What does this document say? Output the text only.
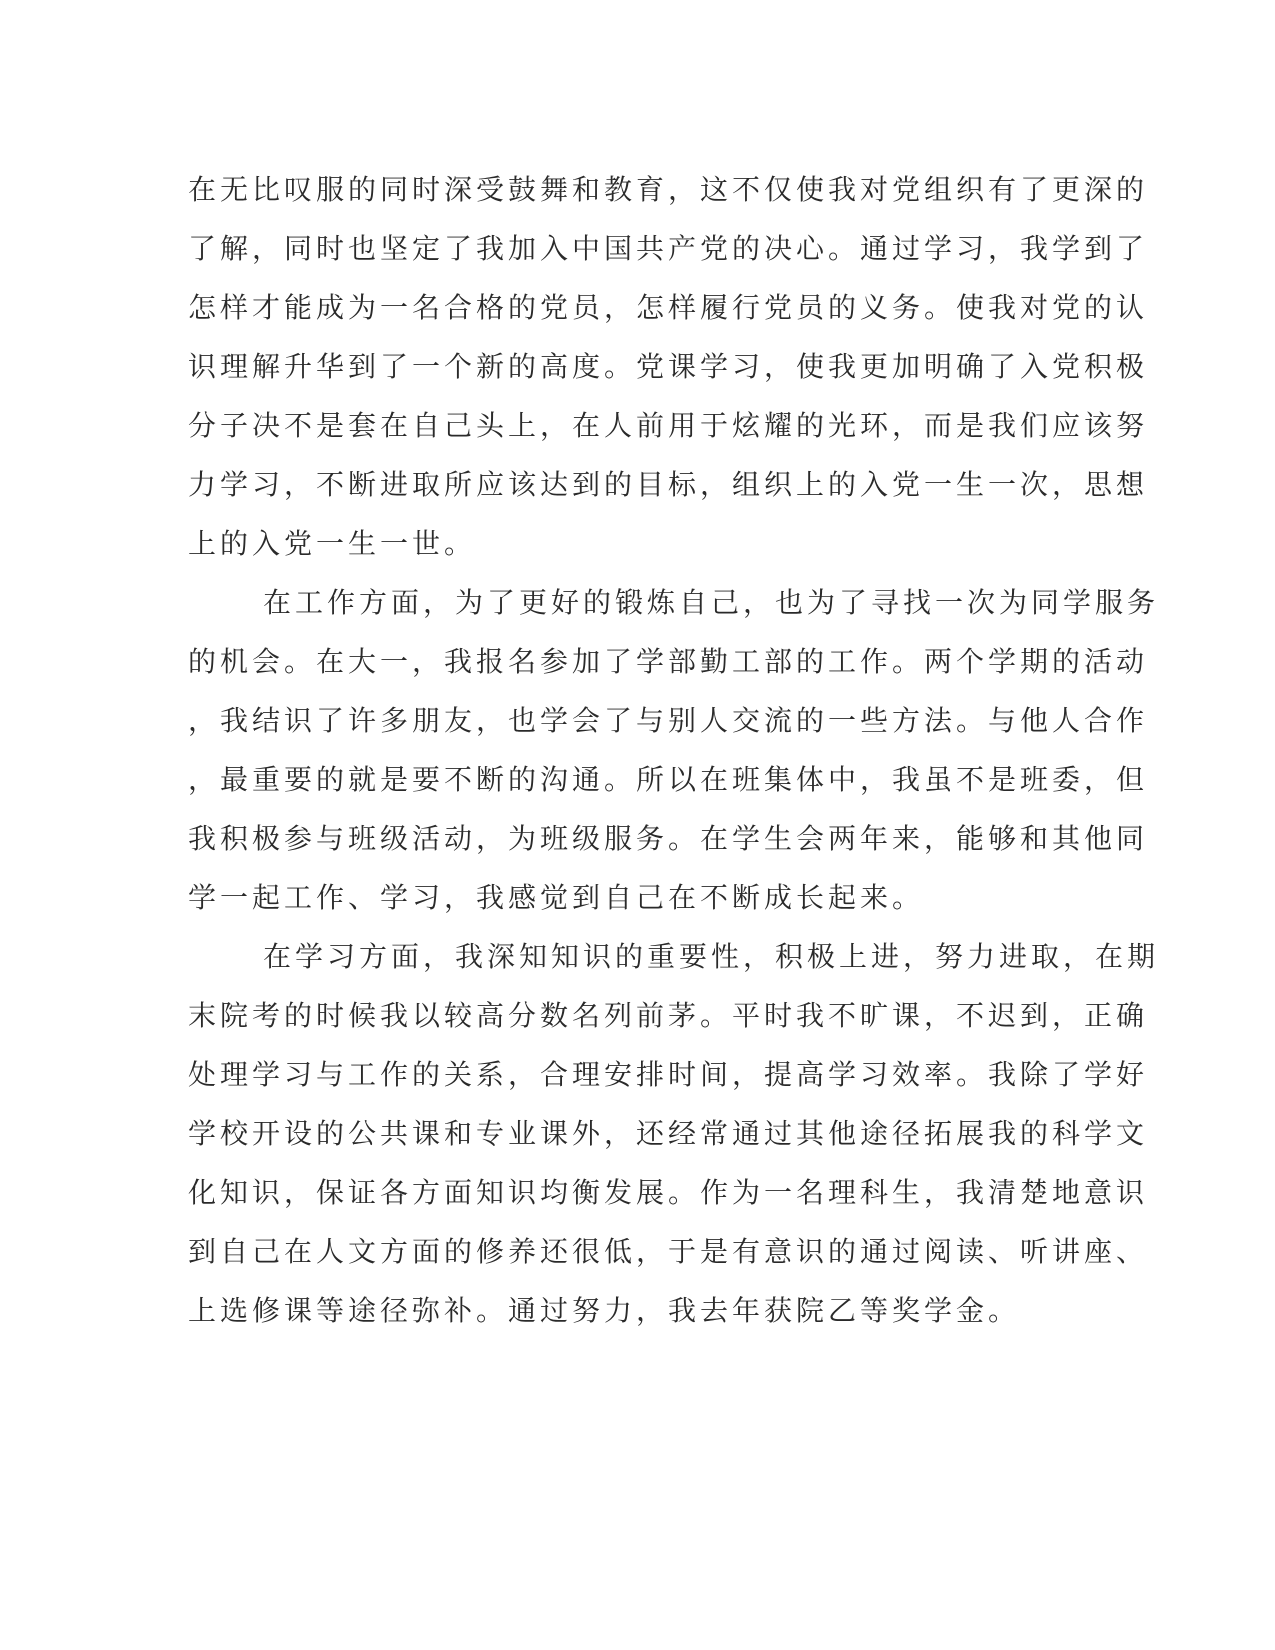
在无比叹服的同时深受鼓舞和教育，这不仅使我对党组织有了更深的
了解，同时也坚定了我加入中国共产党的决心。通过学习，我学到了
怎样才能成为一名合格的党员，怎样履行党员的义务。使我对党的认
识理解升华到了一个新的高度。党课学习，使我更加明确了入党积极
分子决不是套在自己头上，在人前用于炫耀的光环，而是我们应该努
力学习，不断进取所应该达到的目标，组织上的入党一生一次，思想
上的入党一生一世。
在工作方面，为了更好的锻炼自己，也为了寻找一次为同学服务
的机会。在大一，我报名参加了学部勤工部的工作。两个学期的活动
，我结识了许多朋友，也学会了与别人交流的一些方法。与他人合作
，最重要的就是要不断的沟通。所以在班集体中，我虽不是班委，但
我积极参与班级活动，为班级服务。在学生会两年来，能够和其他同
学一起工作、学习，我感觉到自己在不断成长起来。
在学习方面，我深知知识的重要性，积极上进，努力进取，在期
末院考的时候我以较高分数名列前茅。平时我不旷课，不迟到，正确
处理学习与工作的关系，合理安排时间，提高学习效率。我除了学好
学校开设的公共课和专业课外，还经常通过其他途径拓展我的科学文
化知识，保证各方面知识均衡发展。作为一名理科生，我清楚地意识
到自己在人文方面的修养还很低，于是有意识的通过阅读、听讲座、
上选修课等途径弥补。通过努力，我去年获院乙等奖学金。
